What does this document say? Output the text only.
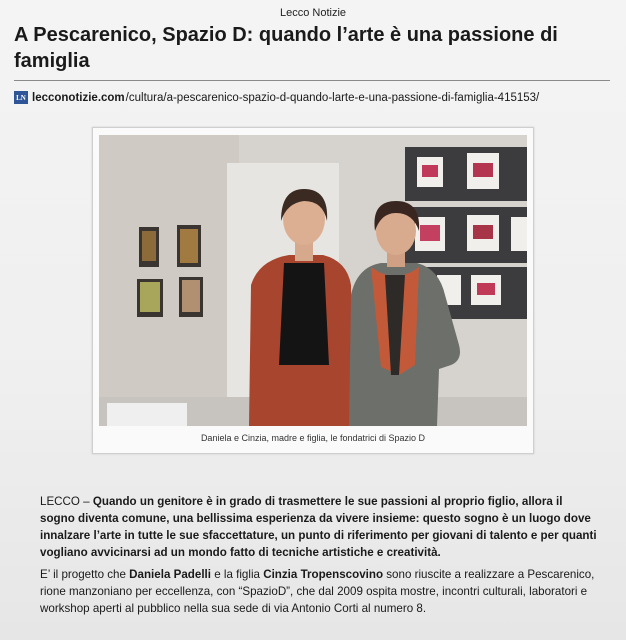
Lecco Notizie
A Pescarenico, Spazio D: quando l’arte è una passione di famiglia
LN lecconotizie.com /cultura/a-pescarenico-spazio-d-quando-larte-e-una-passione-di-famiglia-415153/
Daniela e Cinzia, madre e figlia, le fondatrici di Spazio D
LECCO – Quando un genitore è in grado di trasmettere le sue passioni al proprio figlio, allora il sogno diventa comune, una bellissima esperienza da vivere insieme: questo sogno è un luogo dove innalzare l’arte in tutte le sue sfaccettature, un punto di riferimento per giovani di talento e per quanti vogliano avvicinarsi ad un mondo fatto di tecniche artistiche e creatività.
E’ il progetto che Daniela Padelli e la figlia Cinzia Tropenscovino sono riuscite a realizzare a Pescarenico, rione manzoniano per eccellenza, con “SpazioD”, che dal 2009 ospita mostre, incontri culturali, laboratori e workshop aperti al pubblico nella sua sede di via Antonio Corti al numero 8.
